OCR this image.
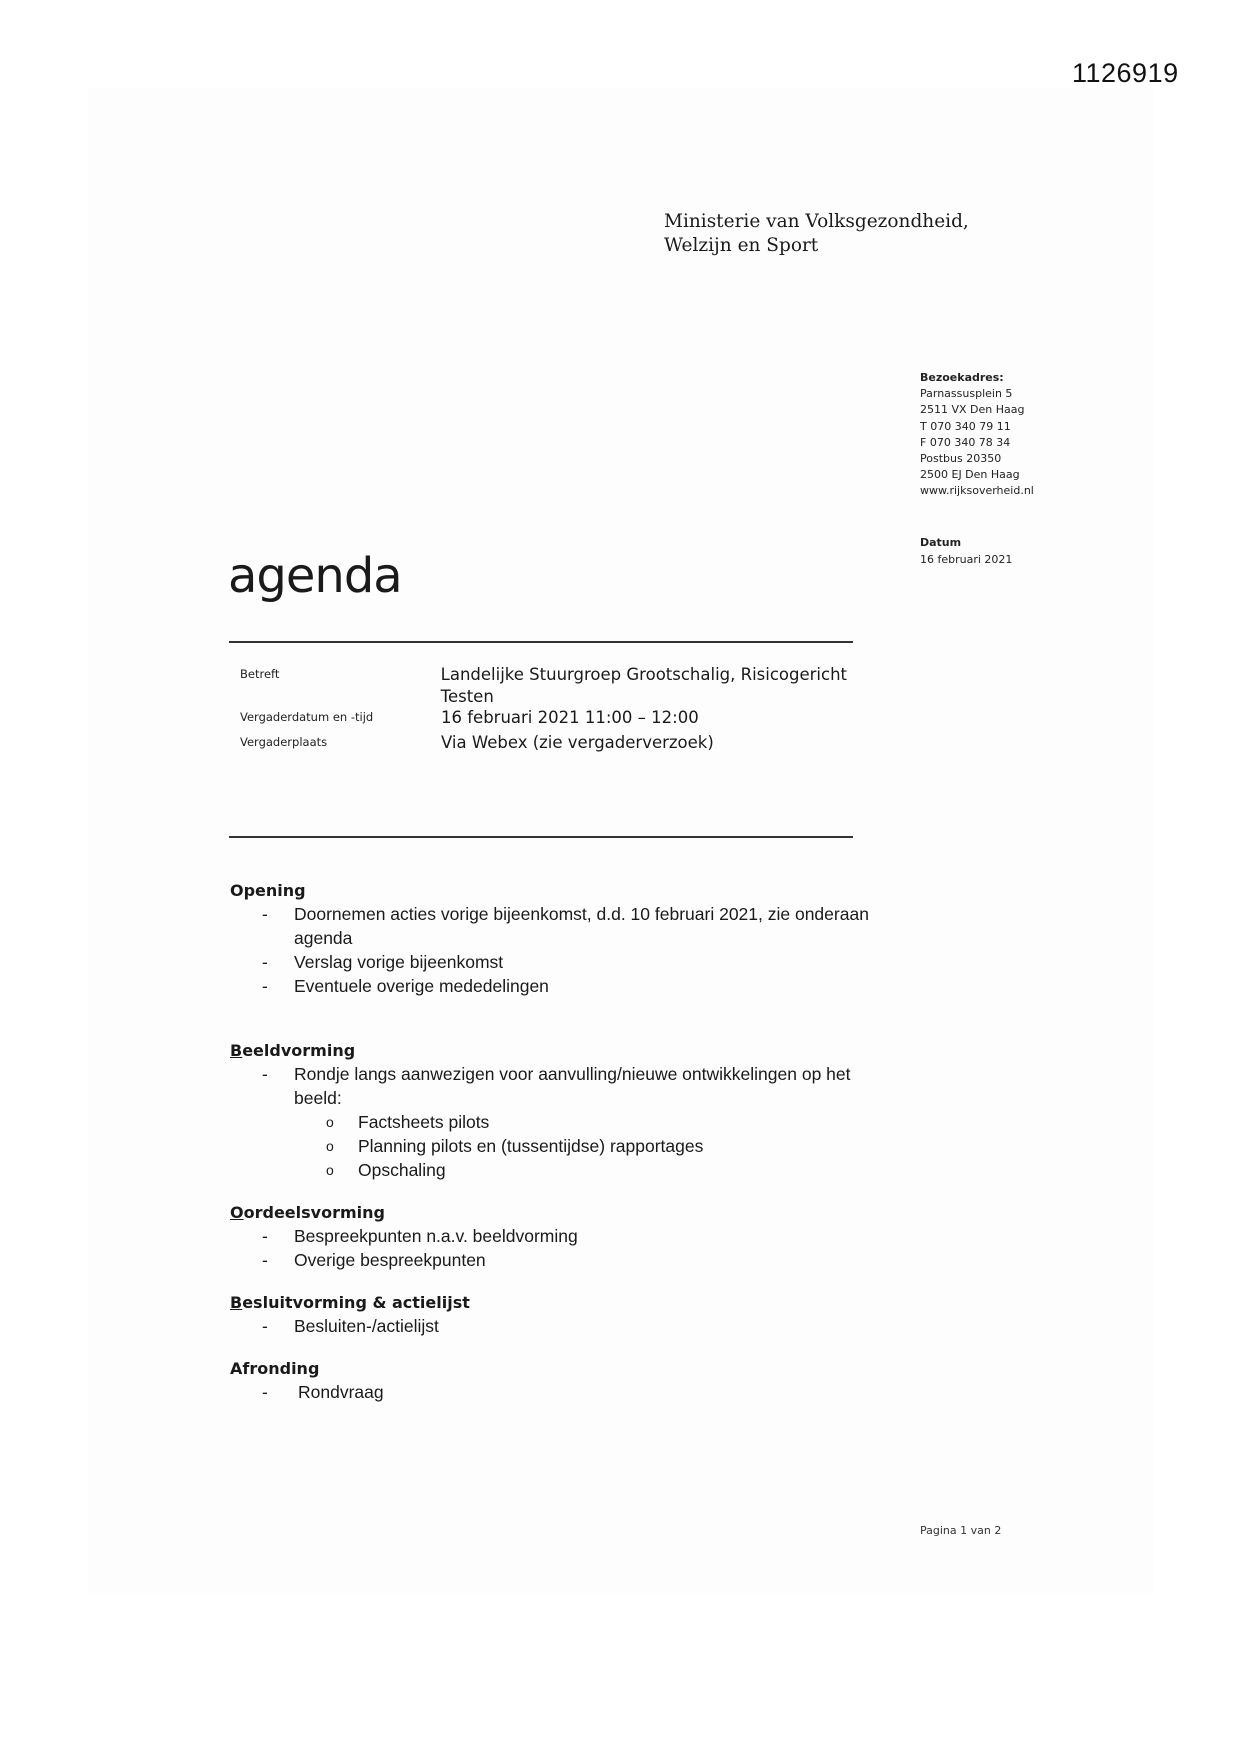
1126919
Ministerie van Volksgezondheid,
Welzijn en Sport
Bezoekadres:
Parnassusplein 5
2511 VX Den Haag
T 070 340 79 11
F 070 340 78 34
Postbus 20350
2500 EJ Den Haag
www.rijksoverheid.nl
Datum
16 februari 2021
agenda
Betreft	Landelijke Stuurgroep Grootschalig, Risicogericht Testen
Vergaderdatum en -tijd	16 februari 2021 11:00 – 12:00
Vergaderplaats	Via Webex (zie vergaderverzoek)
Opening
-	Doornemen acties vorige bijeenkomst, d.d. 10 februari 2021, zie onderaan agenda
-	Verslag vorige bijeenkomst
-	Eventuele overige mededelingen
Beeldvorming
-	Rondje langs aanwezigen voor aanvulling/nieuwe ontwikkelingen op het beeld:
o	Factsheets pilots
o	Planning pilots en (tussentijdse) rapportages
o	Opschaling
Oordeelsvorming
-	Bespreekpunten n.a.v. beeldvorming
-	Overige bespreekpunten
Besluitvorming & actielijst
-	Besluiten-/actielijst
Afronding
-	Rondvraag
Pagina 1 van 2
